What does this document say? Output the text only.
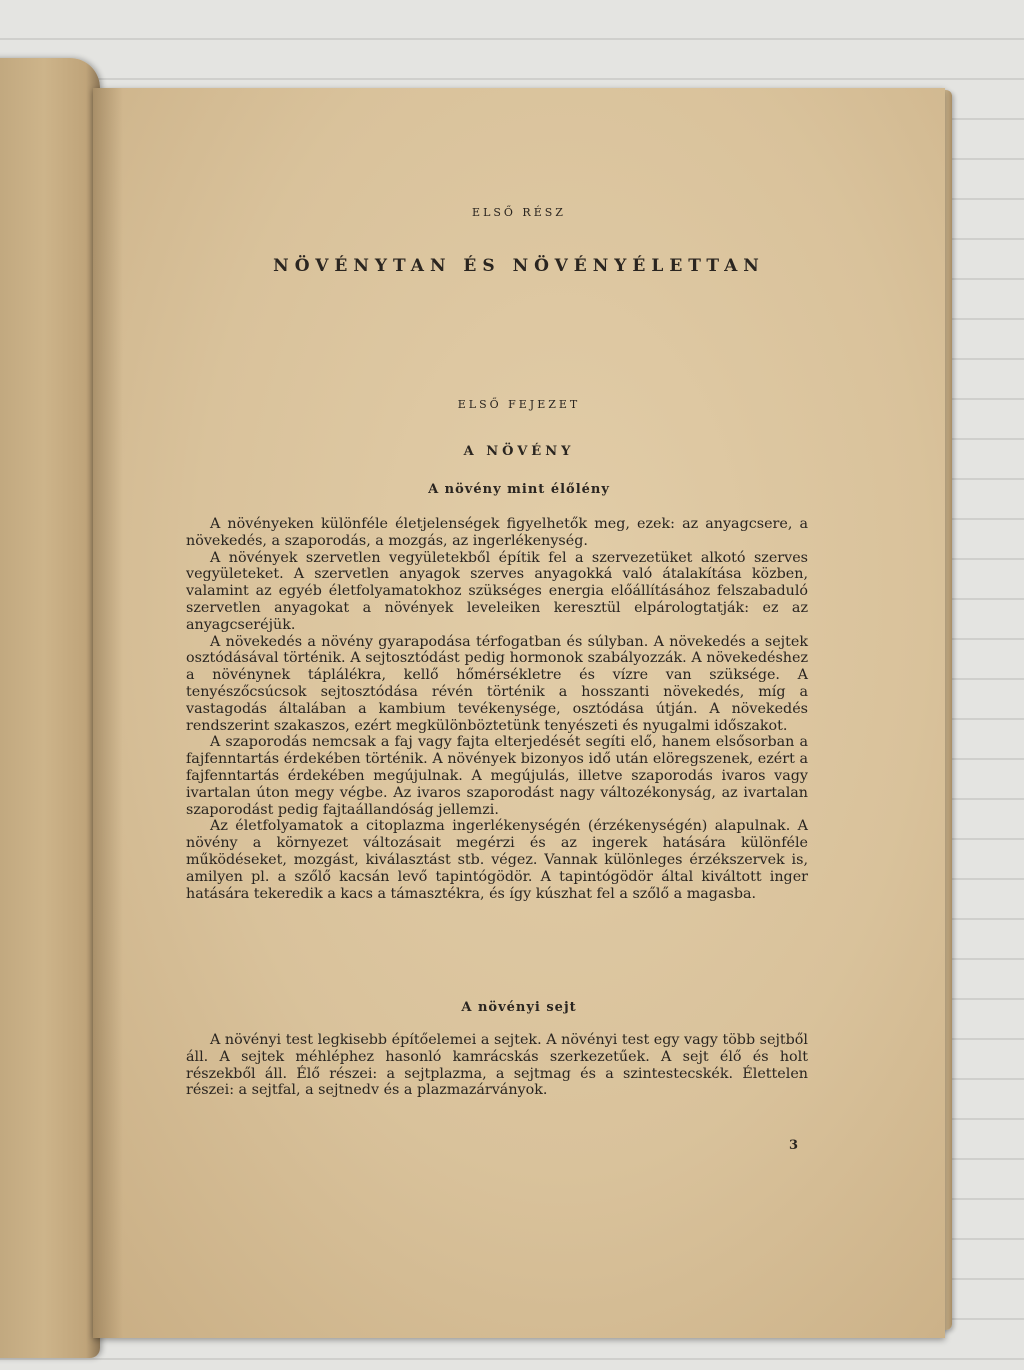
ELSŐ RÉSZ
NÖVÉNYTAN ÉS NÖVÉNYÉLETTAN
ELSŐ FEJEZET
A NÖVÉNY
A növény mint élőlény

A növényeken különféle életjelenségek figyelhetők meg, ezek: az anyagcsere, a növekedés, a szaporodás, a mozgás, az ingerlékenység.

A növények szervetlen vegyületekből építik fel a szervezetüket alkotó szerves vegyületeket. A szervetlen anyagok szerves anyagokká való átalakítása közben, valamint az egyéb életfolyamatokhoz szükséges energia előállításához felszabaduló szervetlen anyagokat a növények leveleiken keresztül elpárologtatják: ez az anyagcseréjük.

A növekedés a növény gyarapodása térfogatban és súlyban. A növekedés a sejtek osztódásával történik. A sejtosztódást pedig hormonok szabályozzák. A növekedéshez a növénynek táplálékra, kellő hőmérsékletre és vízre van szüksége. A tenyészőcsúcsok sejtosztódása révén történik a hosszanti növekedés, míg a vastagodás általában a kambium tevékenysége, osztódása útján. A növekedés rendszerint szakaszos, ezért megkülönböztetünk tenyészeti és nyugalmi időszakot.

A szaporodás nemcsak a faj vagy fajta elterjedését segíti elő, hanem elsősorban a fajfenntartás érdekében történik. A növények bizonyos idő után elöregszenek, ezért a fajfenntartás érdekében megújulnak. A megújulás, illetve szaporodás ivaros vagy ivartalan úton megy végbe. Az ivaros szaporodást nagy változékonyság, az ivartalan szaporodást pedig fajtaállandóság jellemzi.

Az életfolyamatok a citoplazma ingerlékenységén (érzékenységén) alapulnak. A növény a környezet változásait megérzi és az ingerek hatására különféle működéseket, mozgást, kiválasztást stb. végez. Vannak különleges érzékszervek is, amilyen pl. a szőlő kacsán levő tapintógödör. A tapintógödör által kiváltott inger hatására tekeredik a kacs a támasztékra, és így kúszhat fel a szőlő a magasba.

A növényi sejt

A növényi test legkisebb építőelemei a sejtek. A növényi test egy vagy több sejtből áll. A sejtek méhléphez hasonló kamrácskás szerkezetűek. A sejt élő és holt részekből áll. Élő részei: a sejtplazma, a sejtmag és a szintestecskék. Élettelen részei: a sejtfal, a sejtnedv és a plazmazárványok.

3
